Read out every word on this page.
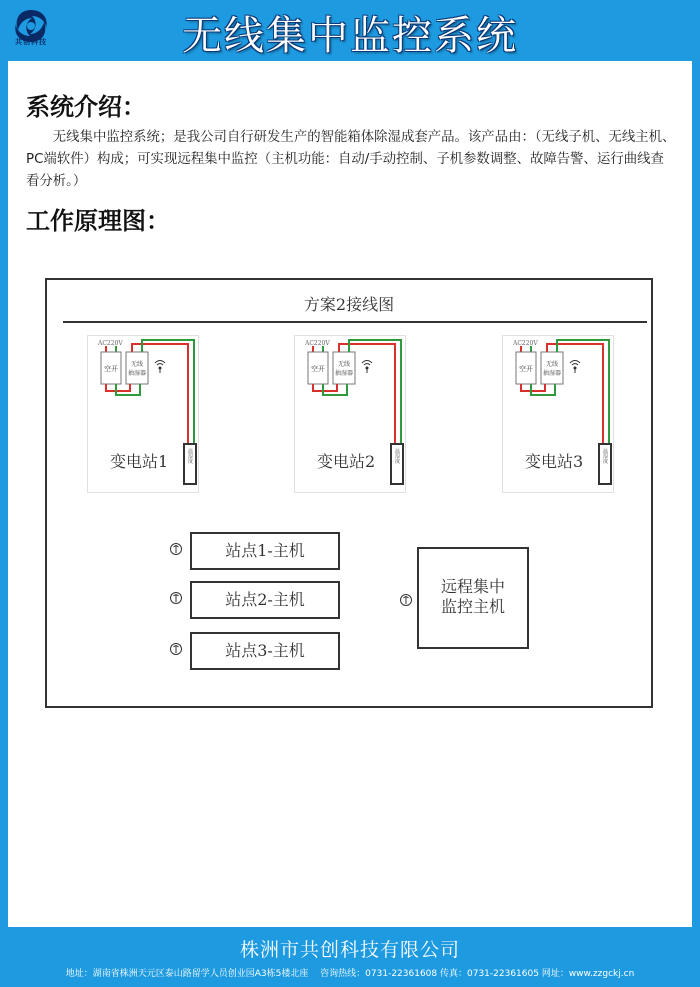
共创科技	无线集中监控系统
系统介绍：
无线集中监控系统；是我公司自行研发生产的智能箱体除湿成套产品。该产品由：（无线子机、无线主机、PC端软件）构成；可实现远程集中监控（主机功能：自动/手动控制、子机参数调整、故障告警、运行曲线查看分析。）
工作原理图：
方案2接线图
AC220V
空开
无线
抽湿器
温湿度
变电站1
AC220V
空开
无线
抽湿器
温湿度
变电站2
AC220V
空开
无线
抽湿器
温湿度
变电站3
站点1-主机
站点2-主机
站点3-主机
远程集中
监控主机
株洲市共创科技有限公司
地址：湖南省株洲天元区泰山路留学人员创业园A3栋5楼北座　 咨询热线：0731-22361608 传真：0731-22361605 网址：www.zzgckj.cn
